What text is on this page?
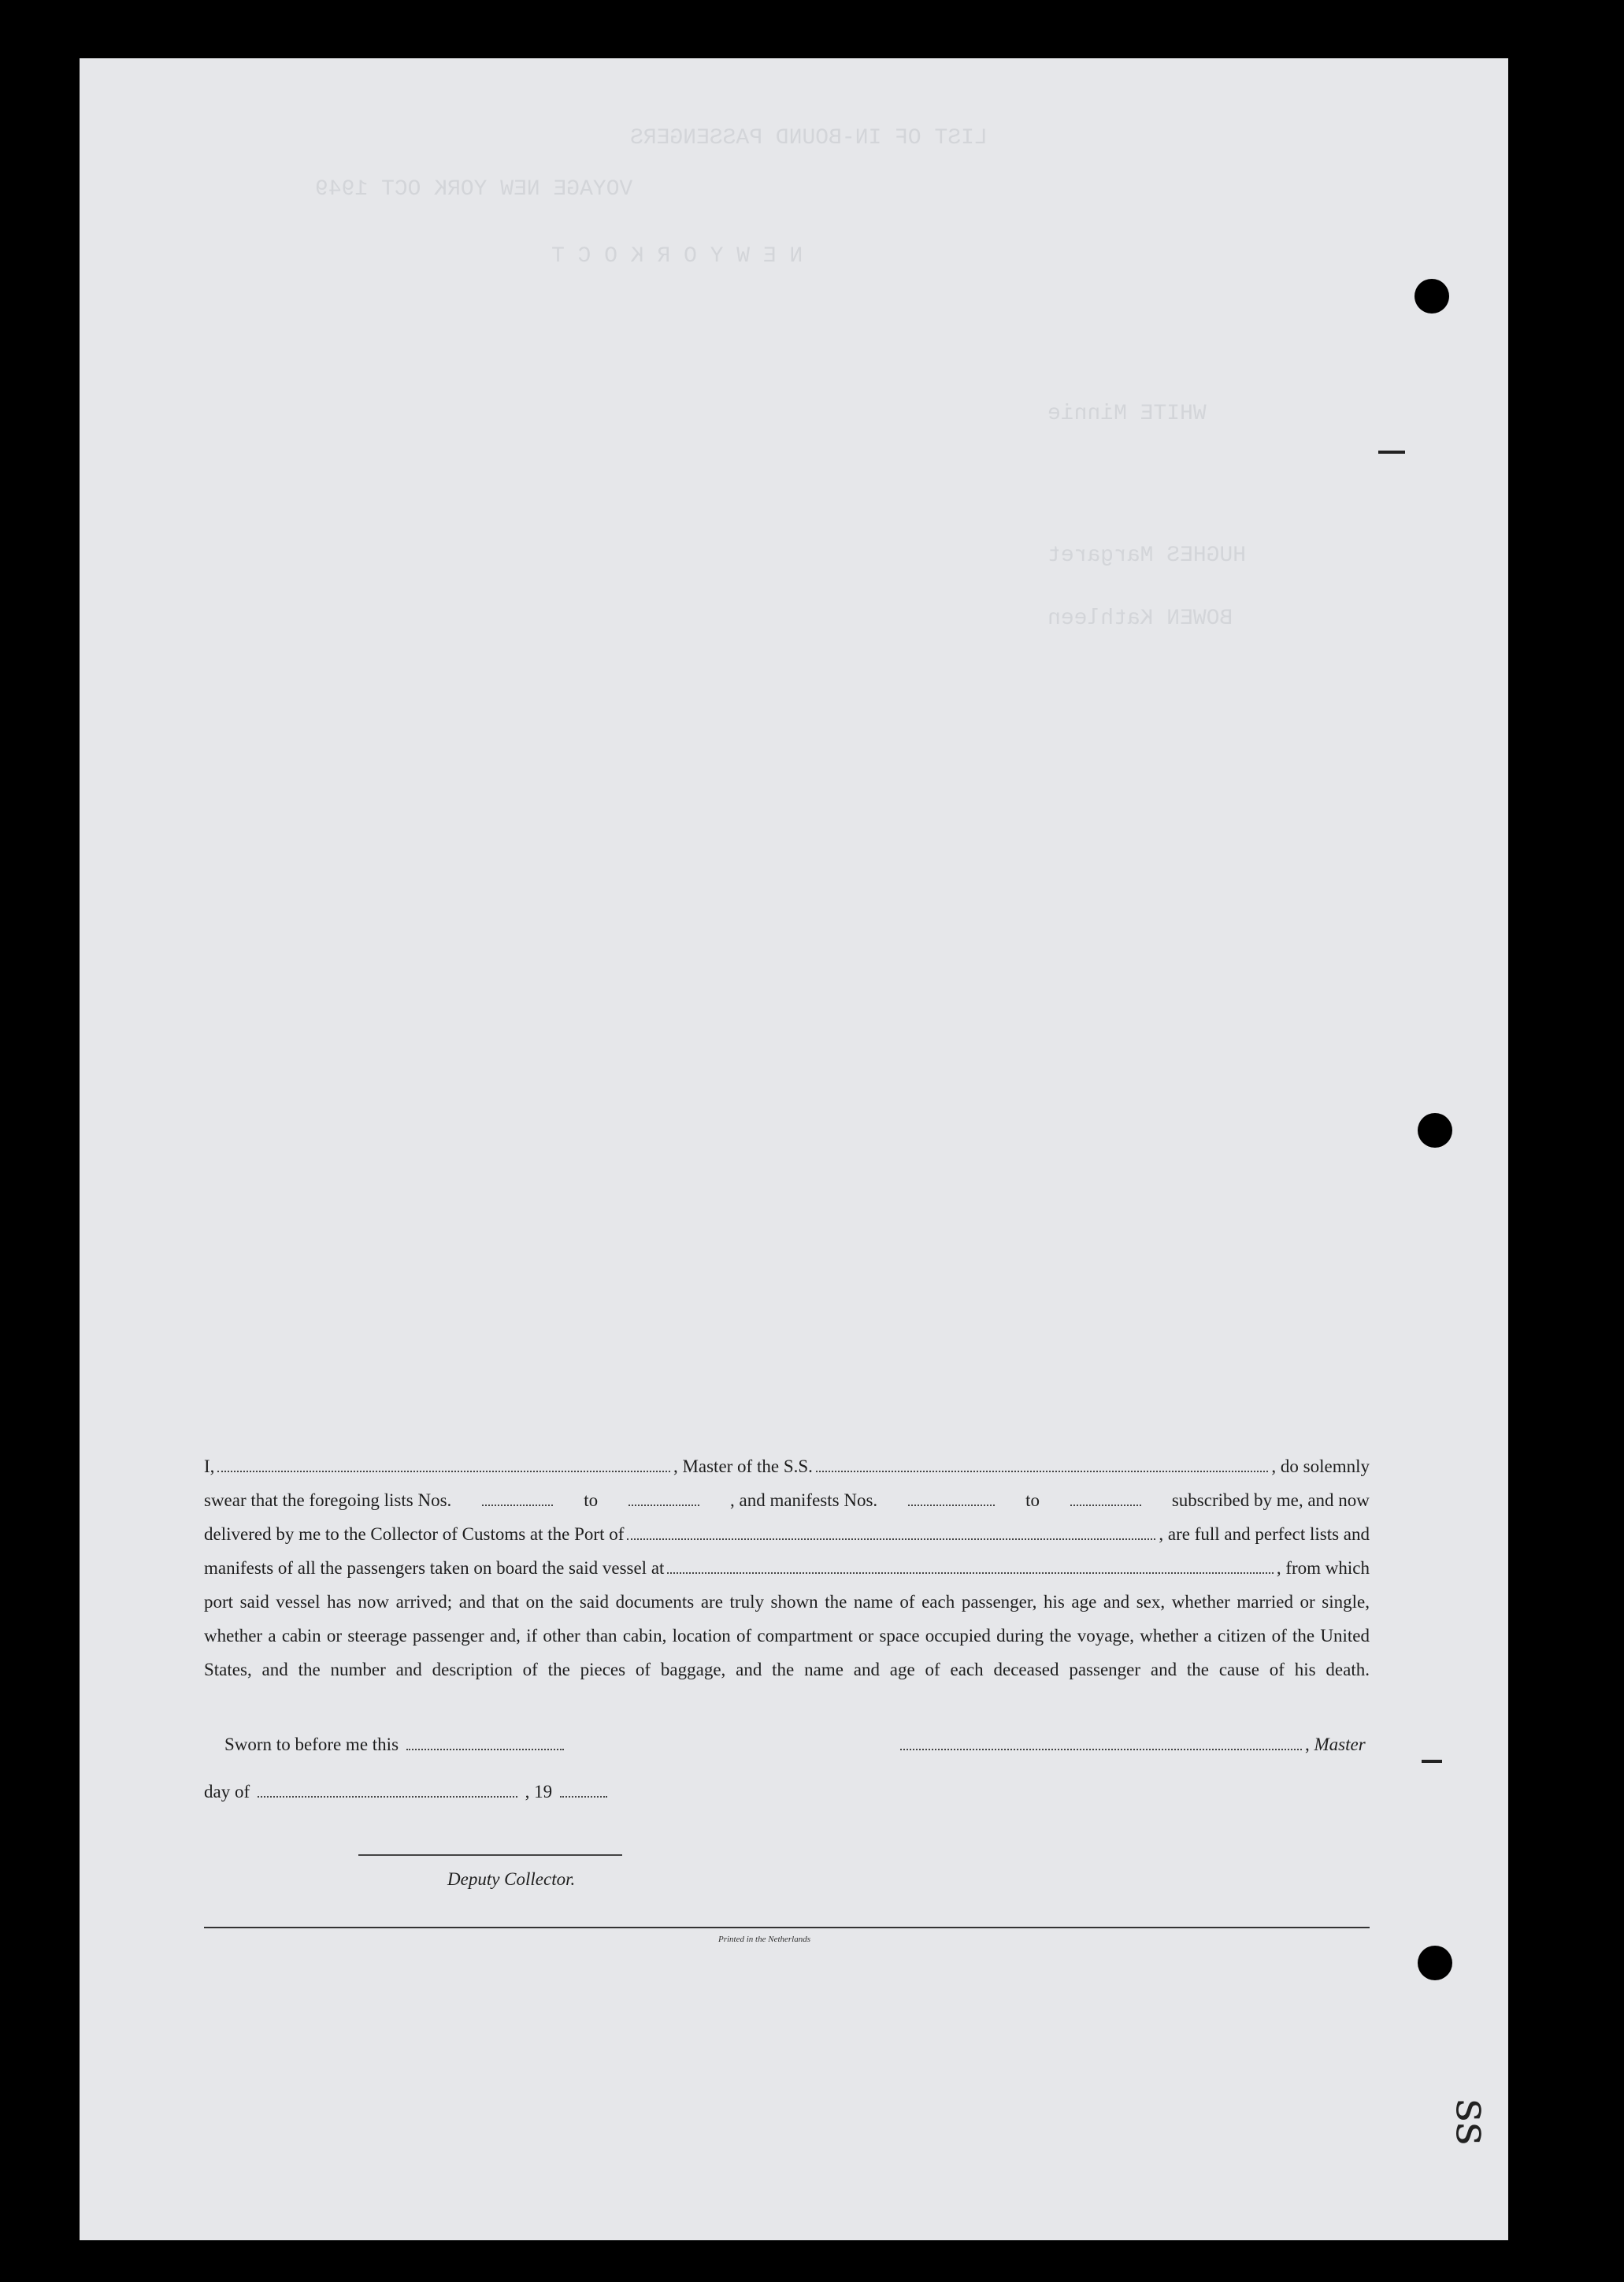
LIST OF IN-BOUND PASSENGERS
VOYAGE NEW YORK OCT 1949
N E W Y O R K O C T
WHITE Minnie
HUGHES Margaret
BOWEN Kathleen
I,	, Master of the S.S.	, do solemnly
swear that the foregoing lists Nos.	to	, and manifests Nos.	to	subscribed by me, and now
delivered by me to the Collector of Customs at the Port of	, are full and perfect lists and
manifests of all the passengers taken on board the said vessel at	, from which
port said vessel has now arrived; and that on the said documents are truly shown the name of each passenger, his age and sex, whether married or single, whether a cabin or steerage passenger and, if other than cabin, location of compartment or space occupied during the voyage, whether a citizen of the United States, and the number and description of the pieces of baggage, and the name and age of each deceased passenger and the cause of his death.
Sworn to before me this	, Master
day of	, 19
Deputy Collector.
Printed in the Netherlands
ss
